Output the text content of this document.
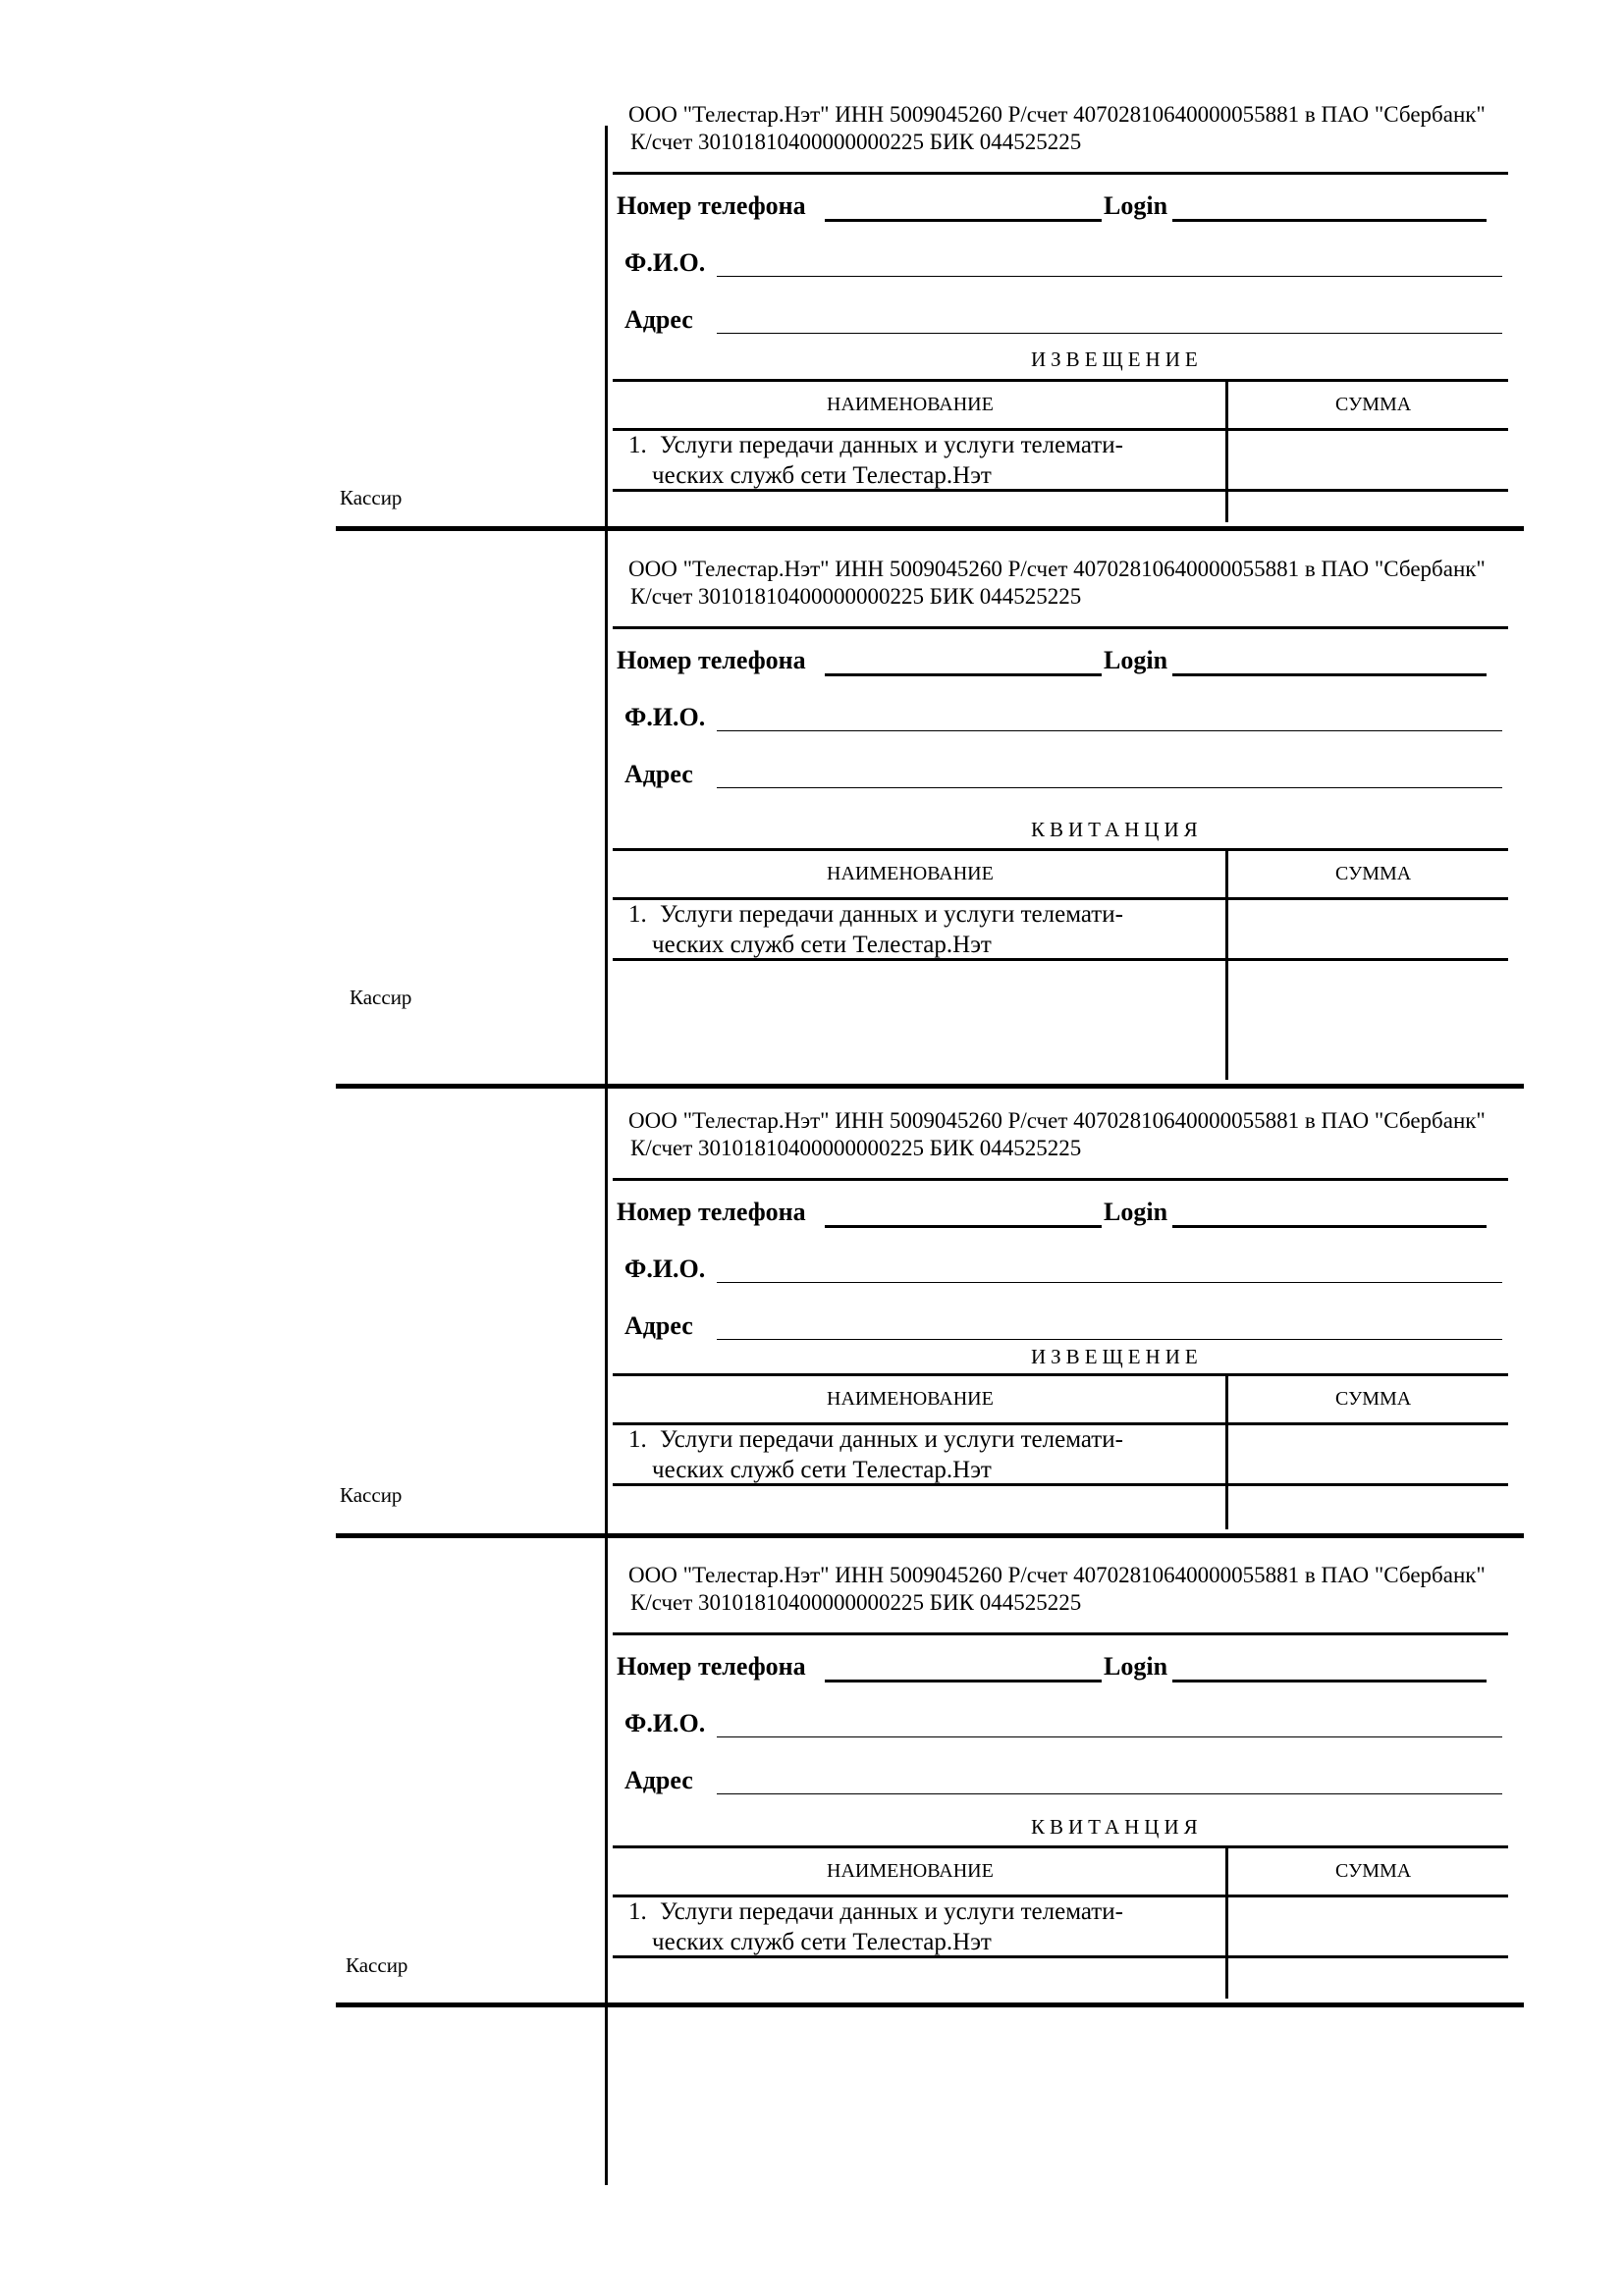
ООО "Телестар.Нэт" ИНН 5009045260 Р/счет 40702810640000055881 в ПАО "Сбербанк"
К/счет 30101810400000000225 БИК 044525225
Номер телефона	Login
Ф.И.О.
Адрес
ИЗВЕЩЕНИЕ
НАИМЕНОВАНИЕ	СУММА
1. Услуги передачи данных и услуги телемати-
ческих служб сети Телестар.Нэт
Кассир
ООО "Телестар.Нэт" ИНН 5009045260 Р/счет 40702810640000055881 в ПАО "Сбербанк"
К/счет 30101810400000000225 БИК 044525225
Номер телефона	Login
Ф.И.О.
Адрес
КВИТАНЦИЯ
НАИМЕНОВАНИЕ	СУММА
1. Услуги передачи данных и услуги телемати-
ческих служб сети Телестар.Нэт
Кассир
ООО "Телестар.Нэт" ИНН 5009045260 Р/счет 40702810640000055881 в ПАО "Сбербанк"
К/счет 30101810400000000225 БИК 044525225
Номер телефона	Login
Ф.И.О.
Адрес
ИЗВЕЩЕНИЕ
НАИМЕНОВАНИЕ	СУММА
1. Услуги передачи данных и услуги телемати-
ческих служб сети Телестар.Нэт
Кассир
ООО "Телестар.Нэт" ИНН 5009045260 Р/счет 40702810640000055881 в ПАО "Сбербанк"
К/счет 30101810400000000225 БИК 044525225
Номер телефона	Login
Ф.И.О.
Адрес
КВИТАНЦИЯ
НАИМЕНОВАНИЕ	СУММА
1. Услуги передачи данных и услуги телемати-
ческих служб сети Телестар.Нэт
Кассир
